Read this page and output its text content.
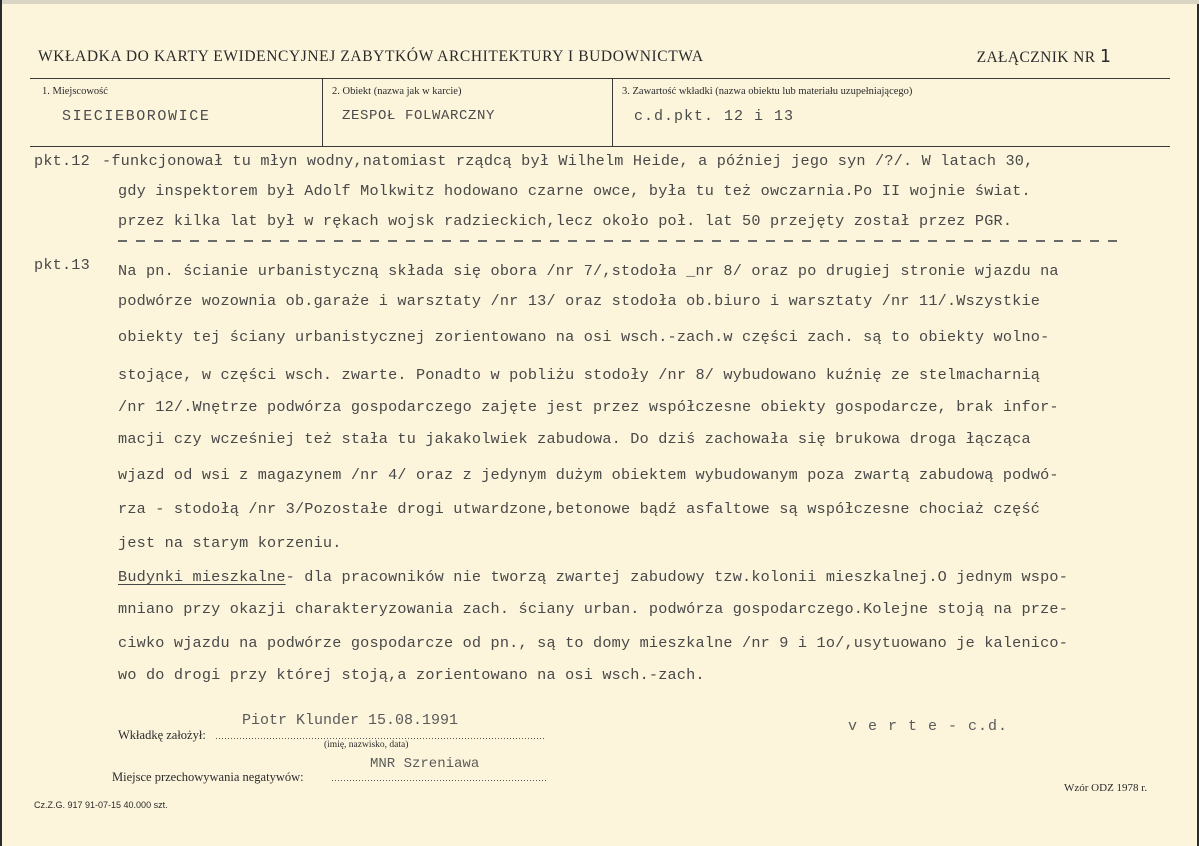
WKŁADKA DO KARTY EWIDENCYJNEJ ZABYTKÓW ARCHITEKTURY I BUDOWNICTWA	ZAŁĄCZNIK NR 1
1. Miejscowość
SIECIEBOROWICE
2. Obiekt (nazwa jak w karcie)
ZESPOŁ FOLWARCZNY
3. Zawartość wkładki (nazwa obiektu lub materiału uzupełniającego)
c.d.pkt. 12 i 13
pkt.12 -funkcjonował tu młyn wodny,natomiast rządcą był Wilhelm Heide, a później jego syn /?/. W latach 30,
gdy inspektorem był Adolf Molkwitz hodowano czarne owce, była tu też owczarnia.Po II wojnie świat.
przez kilka lat był w rękach wojsk radzieckich,lecz około poł. lat 50 przejęty został przez PGR.
pkt.13 Na pn. ścianie urbanistyczną składa się obora /nr 7/,stodoła _nr 8/ oraz po drugiej stronie wjazdu na
podwórze wozownia ob.garaże i warsztaty /nr 13/ oraz stodoła ob.biuro i warsztaty /nr 11/.Wszystkie
obiekty tej ściany urbanistycznej zorientowano na osi wsch.-zach.w części zach. są to obiekty wolno-
stojące, w części wsch. zwarte. Ponadto w pobliżu stodoły /nr 8/ wybudowano kuźnię ze stelmacharnią
/nr 12/.Wnętrze podwórza gospodarczego zajęte jest przez współczesne obiekty gospodarcze, brak infor-
macji czy wcześniej też stała tu jakakolwiek zabudowa. Do dziś zachowała się brukowa droga łącząca
wjazd od wsi z magazynem /nr 4/ oraz z jedynym dużym obiektem wybudowanym poza zwartą zabudową podwó-
rza - stodołą /nr 3/Pozostałe drogi utwardzone,betonowe bądź asfaltowe są współczesne chociaż część
jest na starym korzeniu.
Budynki mieszkalne- dla pracowników nie tworzą zwartej zabudowy tzw.kolonii mieszkalnej.O jednym wspo-
mniano przy okazji charakteryzowania zach. ściany urban. podwórza gospodarczego.Kolejne stoją na prze-
ciwko wjazdu na podwórze gospodarcze od pn., są to domy mieszkalne /nr 9 i 1o/,usytuowano je kalenico-
wo do drogi przy której stoją,a zorientowano na osi wsch.-zach.
Wkładkę założył:
Piotr Klunder 15.08.1991
(imię, nazwisko, data)
v e r t e - c.d.
Miejsce przechowywania negatywów:
MNR Szreniawa
Cz.Z.G. 917 91-07-15 40.000 szt.
Wzór ODZ 1978 r.
